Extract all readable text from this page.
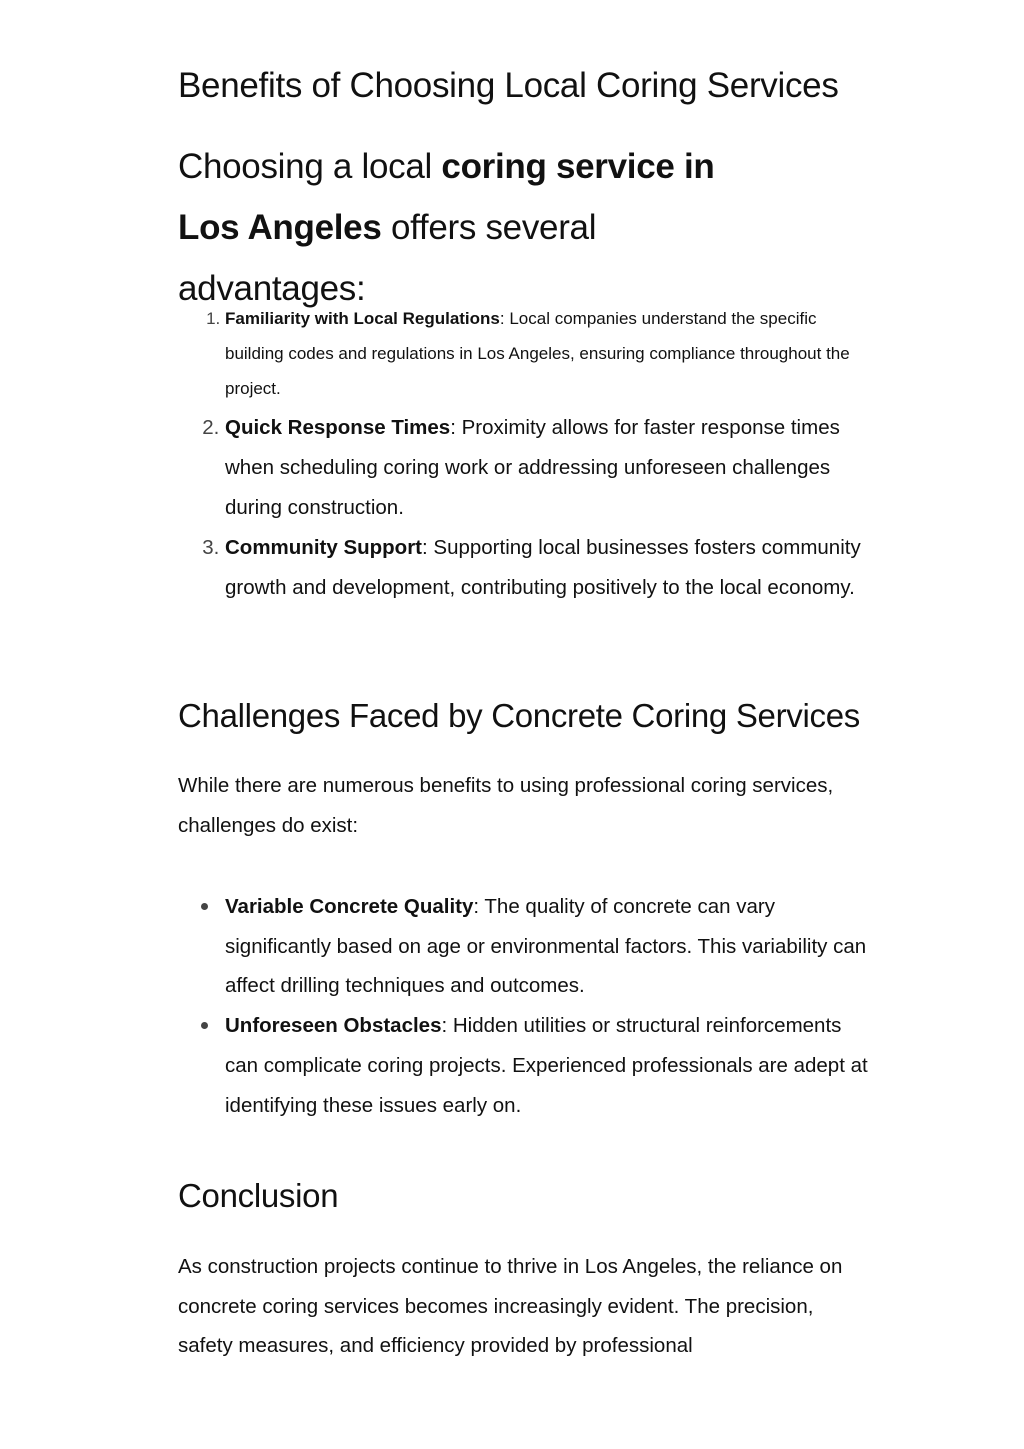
Benefits of Choosing Local Coring Services

Choosing a local coring service in Los Angeles offers several advantages:

1. Familiarity with Local Regulations: Local companies understand the specific building codes and regulations in Los Angeles, ensuring compliance throughout the project.
2. Quick Response Times: Proximity allows for faster response times when scheduling coring work or addressing unforeseen challenges during construction.
3. Community Support: Supporting local businesses fosters community growth and development, contributing positively to the local economy.
Challenges Faced by Concrete Coring Services

While there are numerous benefits to using professional coring services, challenges do exist:

Variable Concrete Quality: The quality of concrete can vary significantly based on age or environmental factors. This variability can affect drilling techniques and outcomes.
Unforeseen Obstacles: Hidden utilities or structural reinforcements can complicate coring projects. Experienced professionals are adept at identifying these issues early on.
Conclusion

As construction projects continue to thrive in Los Angeles, the reliance on concrete coring services becomes increasingly evident. The precision, safety measures, and efficiency provided by professional
